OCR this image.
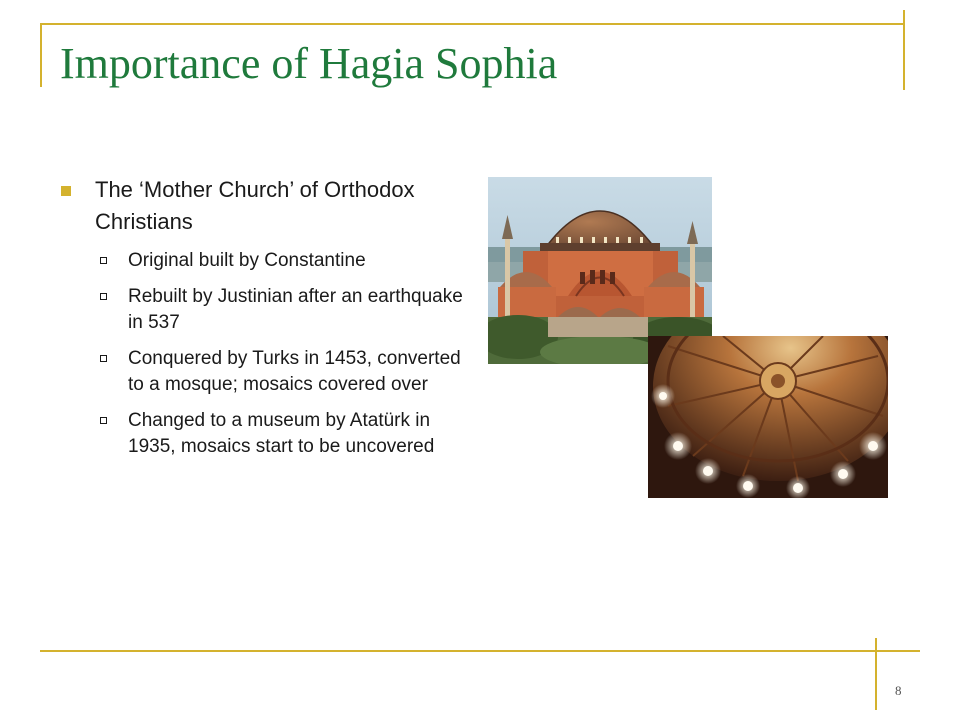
Importance of Hagia Sophia
The ‘Mother Church’ of Orthodox Christians
Original built by Constantine
Rebuilt by Justinian after an earthquake in 537
Conquered by Turks in 1453, converted to a mosque; mosaics covered over
Changed to a museum by Atatürk in 1935, mosaics start to be uncovered
8
